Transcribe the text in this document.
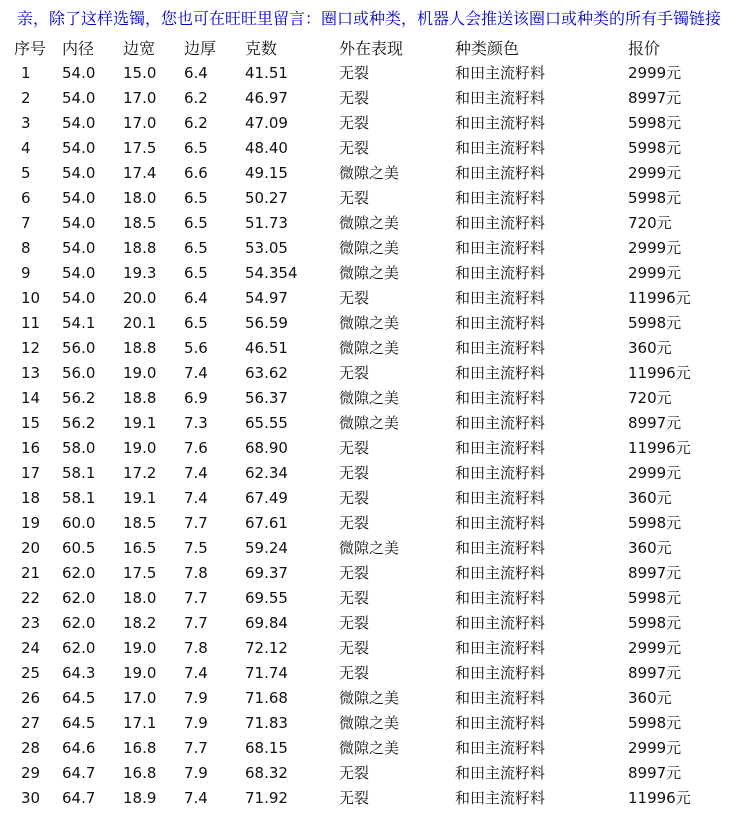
亲，除了这样选镯，您也可在旺旺里留言：圈口或种类，机器人会推送该圈口或种类的所有手镯链接
序号	内径	边宽	边厚	克数	外在表现	种类颜色	报价
1	54.0	15.0	6.4	41.51	无裂	和田主流籽料	2999元
2	54.0	17.0	6.2	46.97	无裂	和田主流籽料	8997元
3	54.0	17.0	6.2	47.09	无裂	和田主流籽料	5998元
4	54.0	17.5	6.5	48.40	无裂	和田主流籽料	5998元
5	54.0	17.4	6.6	49.15	微隙之美	和田主流籽料	2999元
6	54.0	18.0	6.5	50.27	无裂	和田主流籽料	5998元
7	54.0	18.5	6.5	51.73	微隙之美	和田主流籽料	720元
8	54.0	18.8	6.5	53.05	微隙之美	和田主流籽料	2999元
9	54.0	19.3	6.5	54.354	微隙之美	和田主流籽料	2999元
10	54.0	20.0	6.4	54.97	无裂	和田主流籽料	11996元
11	54.1	20.1	6.5	56.59	微隙之美	和田主流籽料	5998元
12	56.0	18.8	5.6	46.51	微隙之美	和田主流籽料	360元
13	56.0	19.0	7.4	63.62	无裂	和田主流籽料	11996元
14	56.2	18.8	6.9	56.37	微隙之美	和田主流籽料	720元
15	56.2	19.1	7.3	65.55	微隙之美	和田主流籽料	8997元
16	58.0	19.0	7.6	68.90	无裂	和田主流籽料	11996元
17	58.1	17.2	7.4	62.34	无裂	和田主流籽料	2999元
18	58.1	19.1	7.4	67.49	无裂	和田主流籽料	360元
19	60.0	18.5	7.7	67.61	无裂	和田主流籽料	5998元
20	60.5	16.5	7.5	59.24	微隙之美	和田主流籽料	360元
21	62.0	17.5	7.8	69.37	无裂	和田主流籽料	8997元
22	62.0	18.0	7.7	69.55	无裂	和田主流籽料	5998元
23	62.0	18.2	7.7	69.84	无裂	和田主流籽料	5998元
24	62.0	19.0	7.8	72.12	无裂	和田主流籽料	2999元
25	64.3	19.0	7.4	71.74	无裂	和田主流籽料	8997元
26	64.5	17.0	7.9	71.68	微隙之美	和田主流籽料	360元
27	64.5	17.1	7.9	71.83	微隙之美	和田主流籽料	5998元
28	64.6	16.8	7.7	68.15	微隙之美	和田主流籽料	2999元
29	64.7	16.8	7.9	68.32	无裂	和田主流籽料	8997元
30	64.7	18.9	7.4	71.92	无裂	和田主流籽料	11996元
